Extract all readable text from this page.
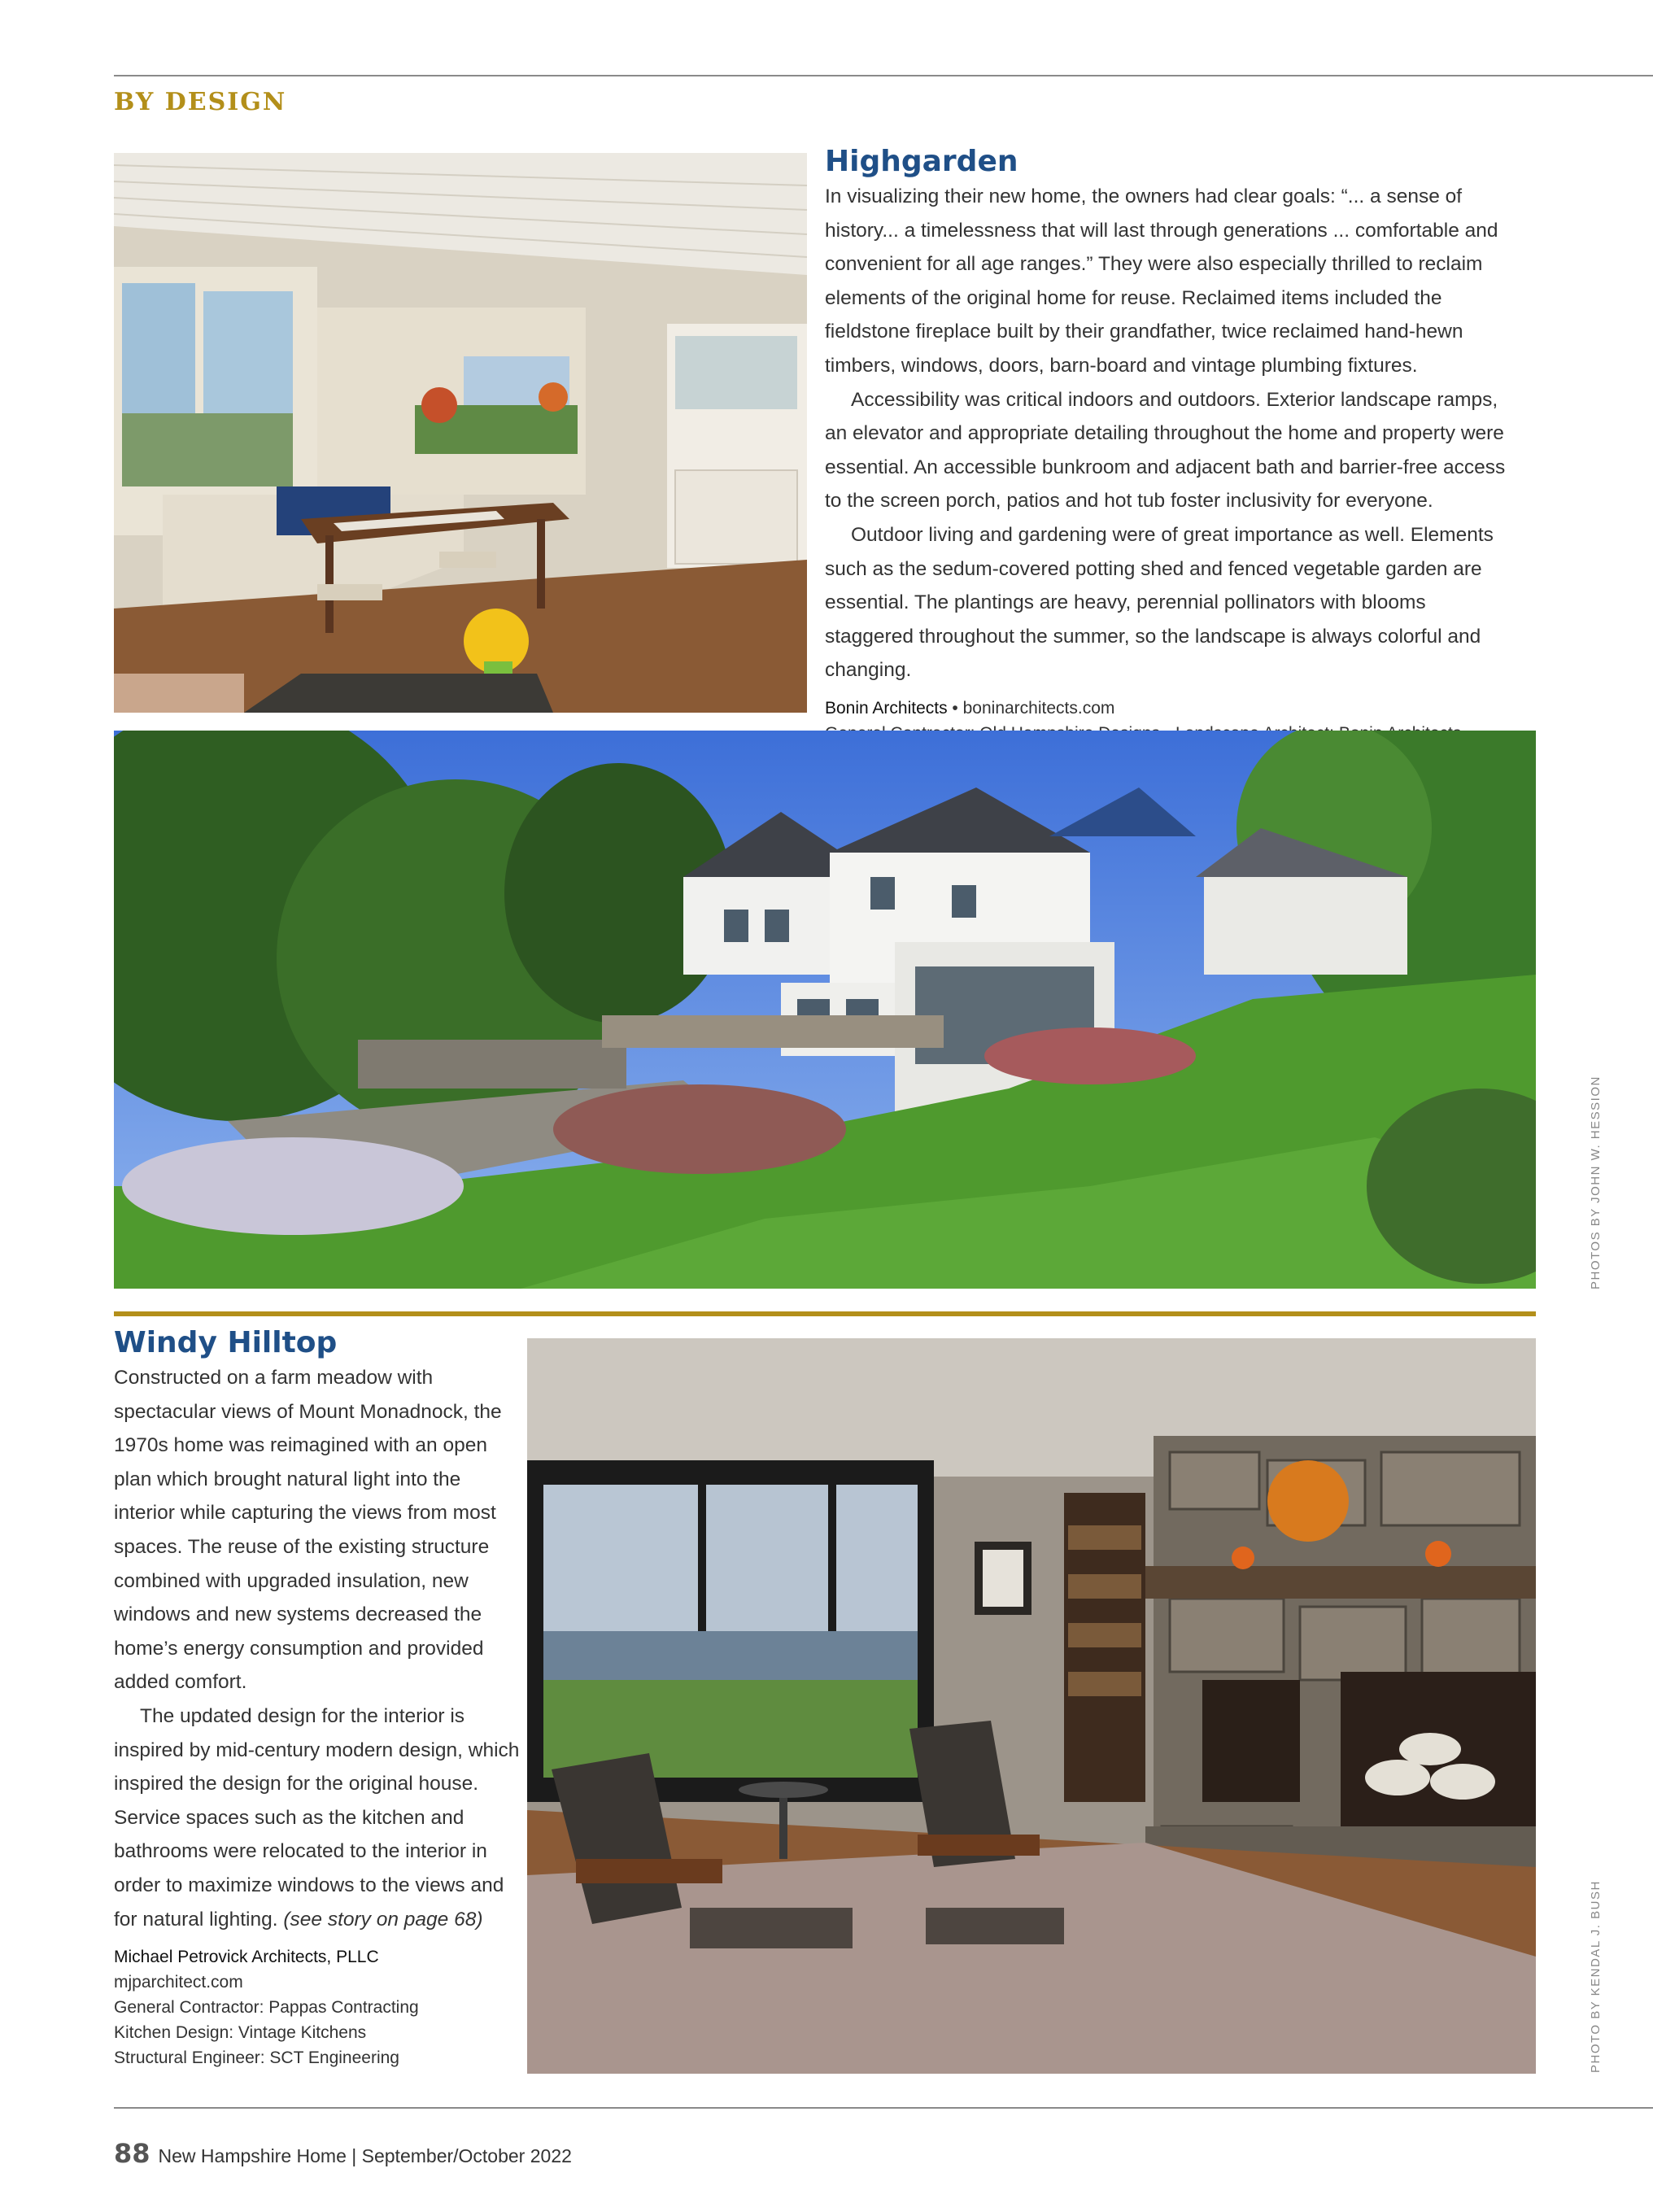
BY DESIGN
Highgarden

In visualizing their new home, the owners had clear goals: “... a sense of history... a timelessness that will last through generations ... comfortable and convenient for all age ranges.” They were also especially thrilled to reclaim elements of the original home for reuse. Reclaimed items included the fieldstone fireplace built by their grandfather, twice reclaimed hand-hewn timbers, windows, doors, barn-board and vintage plumbing fixtures.

Accessibility was critical indoors and outdoors. Exterior landscape ramps, an elevator and appropriate detailing throughout the home and property were essential. An accessible bunkroom and adjacent bath and barrier-free access to the screen porch, patios and hot tub foster inclusivity for everyone.

Outdoor living and gardening were of great importance as well. Elements such as the sedum-covered potting shed and fenced vegetable garden are essential. The plantings are heavy, perennial pollinators with blooms staggered throughout the summer, so the landscape is always colorful and changing.

Bonin Architects • boninarchitects.com
PHOTOS BY JOHN W. HESSION
Windy Hilltop

Constructed on a farm meadow with spectacular views of Mount Monadnock, the 1970s home was reimagined with an open plan which brought natural light into the interior while capturing the views from most spaces. The reuse of the existing structure combined with upgraded insulation, new windows and new systems decreased the home’s energy consumption and provided added comfort.

The updated design for the interior is inspired by mid-century modern design, which inspired the design for the original house. Service spaces such as the kitchen and bathrooms were relocated to the interior in order to maximize windows to the views and for natural lighting. (see story on page 68)

Michael Petrovick Architects, PLLC
mjparchitect.com
General Contractor: Pappas Contracting
Kitchen Design: Vintage Kitchens
Structural Engineer: SCT Engineering	PHOTO BY KENDAL J. BUSH
88 New Hampshire Home | September/October 2022
